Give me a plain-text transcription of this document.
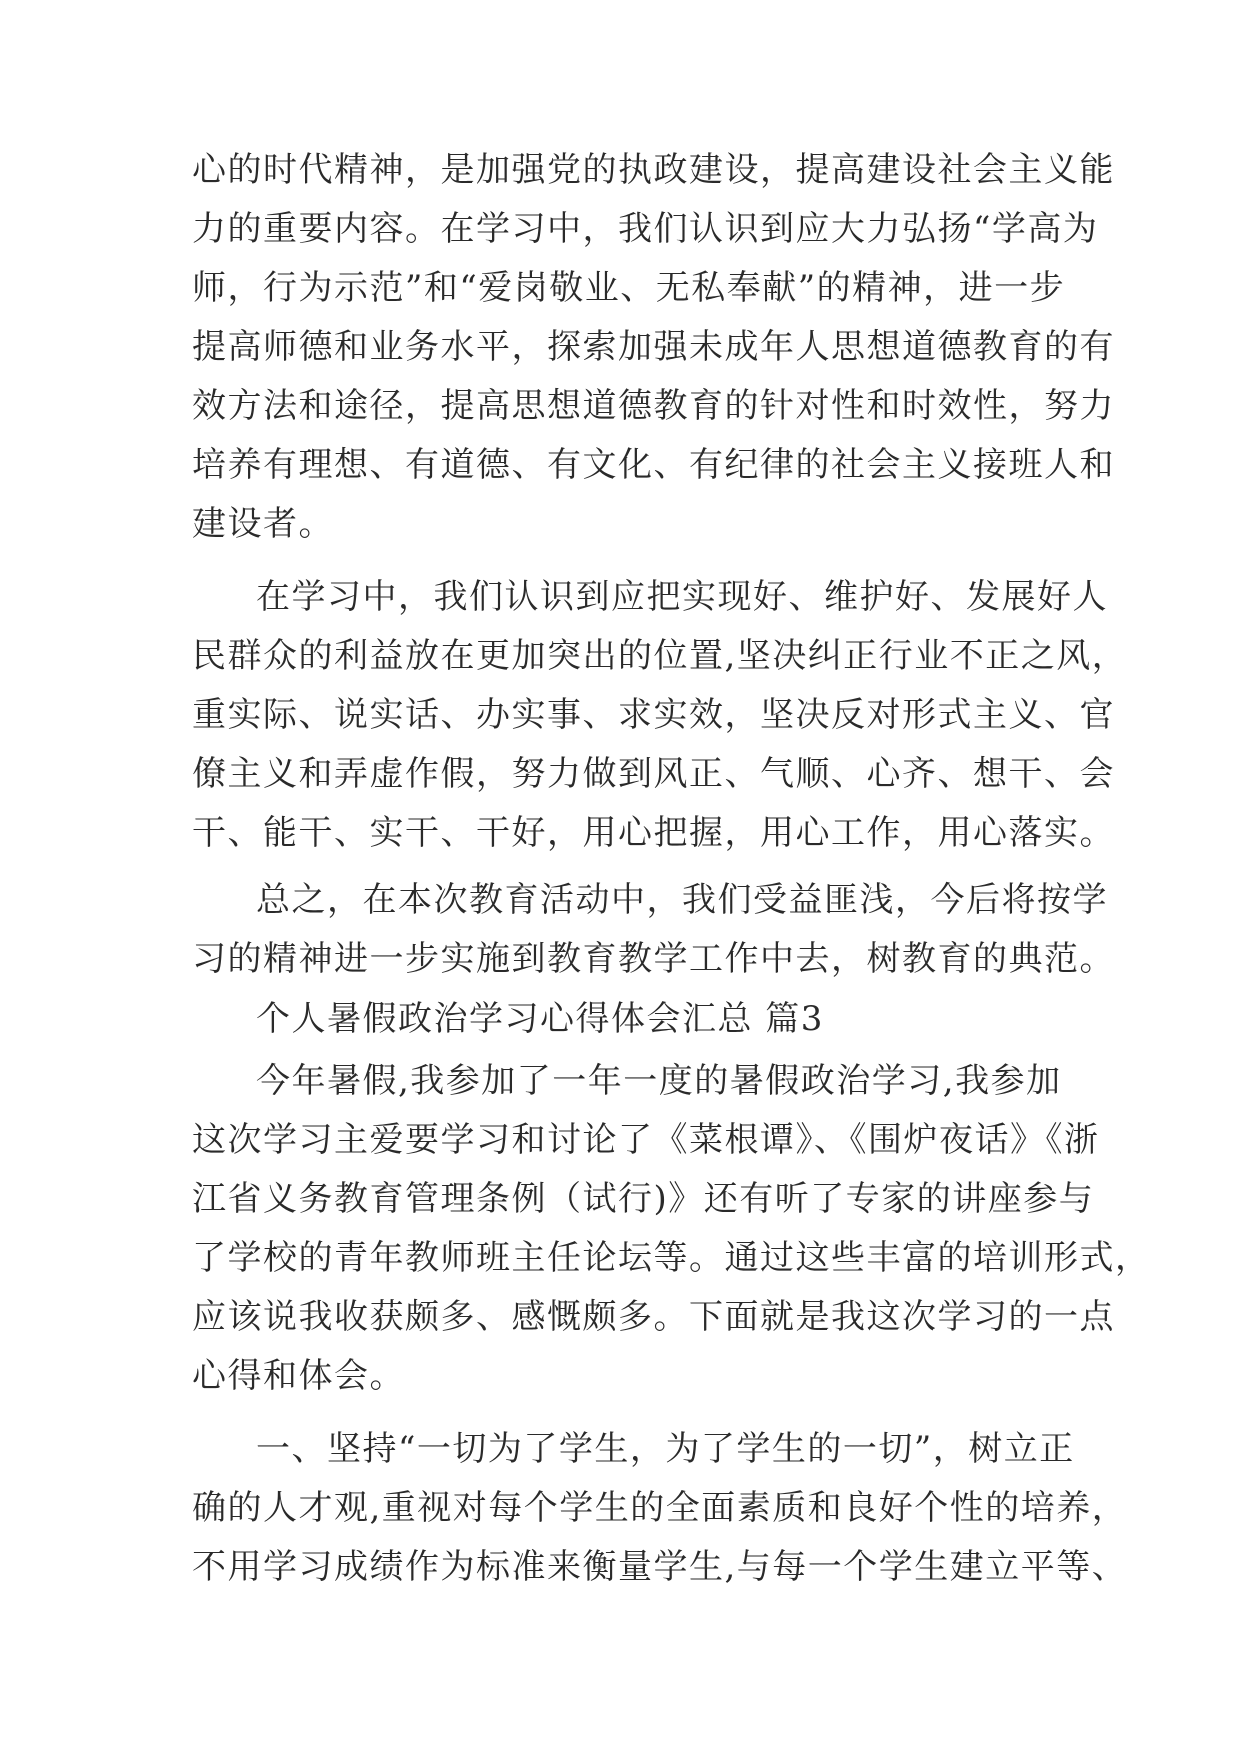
心的时代精神，是加强党的执政建设，提高建设社会主义能
力的重要内容。在学习中，我们认识到应大力弘扬“学高为
师，行为示范”和“爱岗敬业、无私奉献”的精神，进一步
提高师德和业务水平，探索加强未成年人思想道德教育的有
效方法和途径，提高思想道德教育的针对性和时效性，努力
培养有理想、有道德、有文化、有纪律的社会主义接班人和
建设者。
在学习中，我们认识到应把实现好、维护好、发展好人
民群众的利益放在更加突出的位置,坚决纠正行业不正之风，
重实际、说实话、办实事、求实效，坚决反对形式主义、官
僚主义和弄虚作假，努力做到风正、气顺、心齐、想干、会
干、能干、实干、干好，用心把握，用心工作，用心落实。
总之，在本次教育活动中，我们受益匪浅，今后将按学
习的精神进一步实施到教育教学工作中去，树教育的典范。
个人暑假政治学习心得体会汇总 篇3
今年暑假,我参加了一年一度的暑假政治学习,我参加
这次学习主爱要学习和讨论了《菜根谭》、《围炉夜话》《浙
江省义务教育管理条例（试行)》还有听了专家的讲座参与
了学校的青年教师班主任论坛等。通过这些丰富的培训形式，
应该说我收获颇多、感慨颇多。下面就是我这次学习的一点
心得和体会。
一、坚持“一切为了学生，为了学生的一切”，树立正
确的人才观,重视对每个学生的全面素质和良好个性的培养，
不用学习成绩作为标准来衡量学生,与每一个学生建立平等、
